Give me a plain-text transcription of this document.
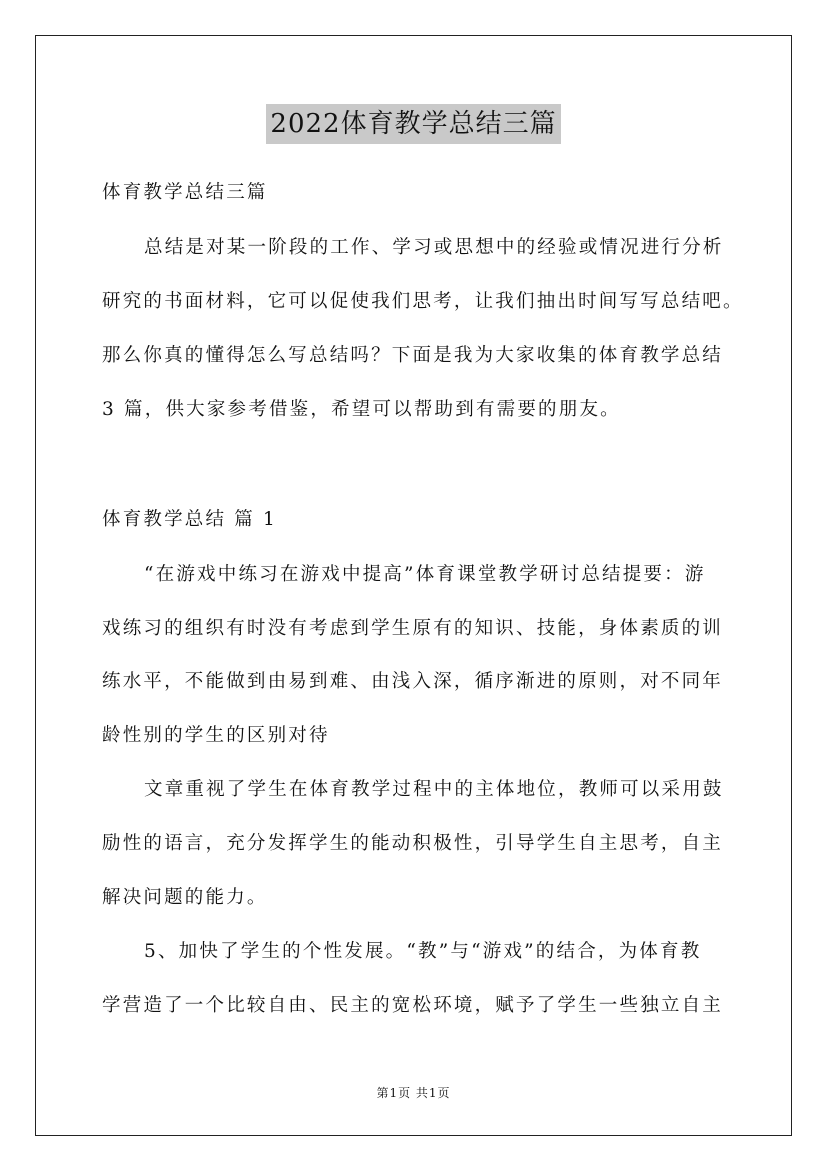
2022体育教学总结三篇
体育教学总结三篇
总结是对某一阶段的工作、学习或思想中的经验或情况进行分析
研究的书面材料，它可以促使我们思考，让我们抽出时间写写总结吧。
那么你真的懂得怎么写总结吗？下面是我为大家收集的体育教学总结
3 篇，供大家参考借鉴，希望可以帮助到有需要的朋友。
体育教学总结 篇 1
“在游戏中练习在游戏中提高”体育课堂教学研讨总结提要：游
戏练习的组织有时没有考虑到学生原有的知识、技能，身体素质的训
练水平，不能做到由易到难、由浅入深，循序渐进的原则，对不同年
龄性别的学生的区别对待
文章重视了学生在体育教学过程中的主体地位，教师可以采用鼓
励性的语言，充分发挥学生的能动积极性，引导学生自主思考，自主
解决问题的能力。
5、加快了学生的个性发展。“教”与“游戏”的结合，为体育教
学营造了一个比较自由、民主的宽松环境，赋予了学生一些独立自主
第1页 共1页
